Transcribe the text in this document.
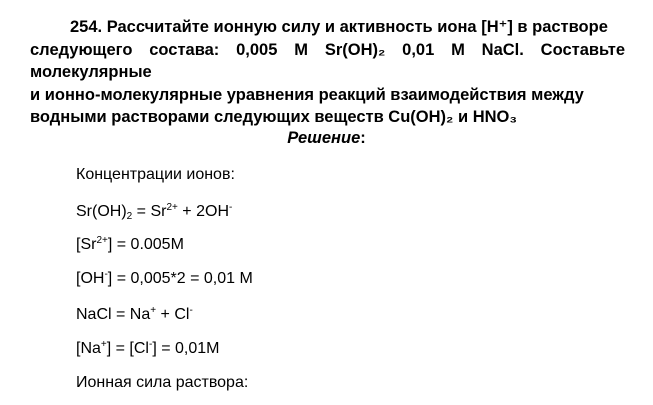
254. Рассчитайте ионную силу и активность иона [H⁺] в растворе

следующего состава: 0,005 М Sr(OH)₂ 0,01 М NaCl. Составьте молекулярные

и ионно-молекулярные уравнения реакций взаимодействия между

водными растворами следующих веществ Cu(OH)₂ и HNO₃

Решение:
Концентрации ионов:
$Sr(OH)_2 = Sr^{2+} + 2OH^-$
$[Sr^{2+}] = 0.005M$
[OH-] = 0,005*2 = 0,01 М
NaCl = Na+ + Cl-
[Na+] = [Cl-] = 0,01M
Ионная сила раствора:
